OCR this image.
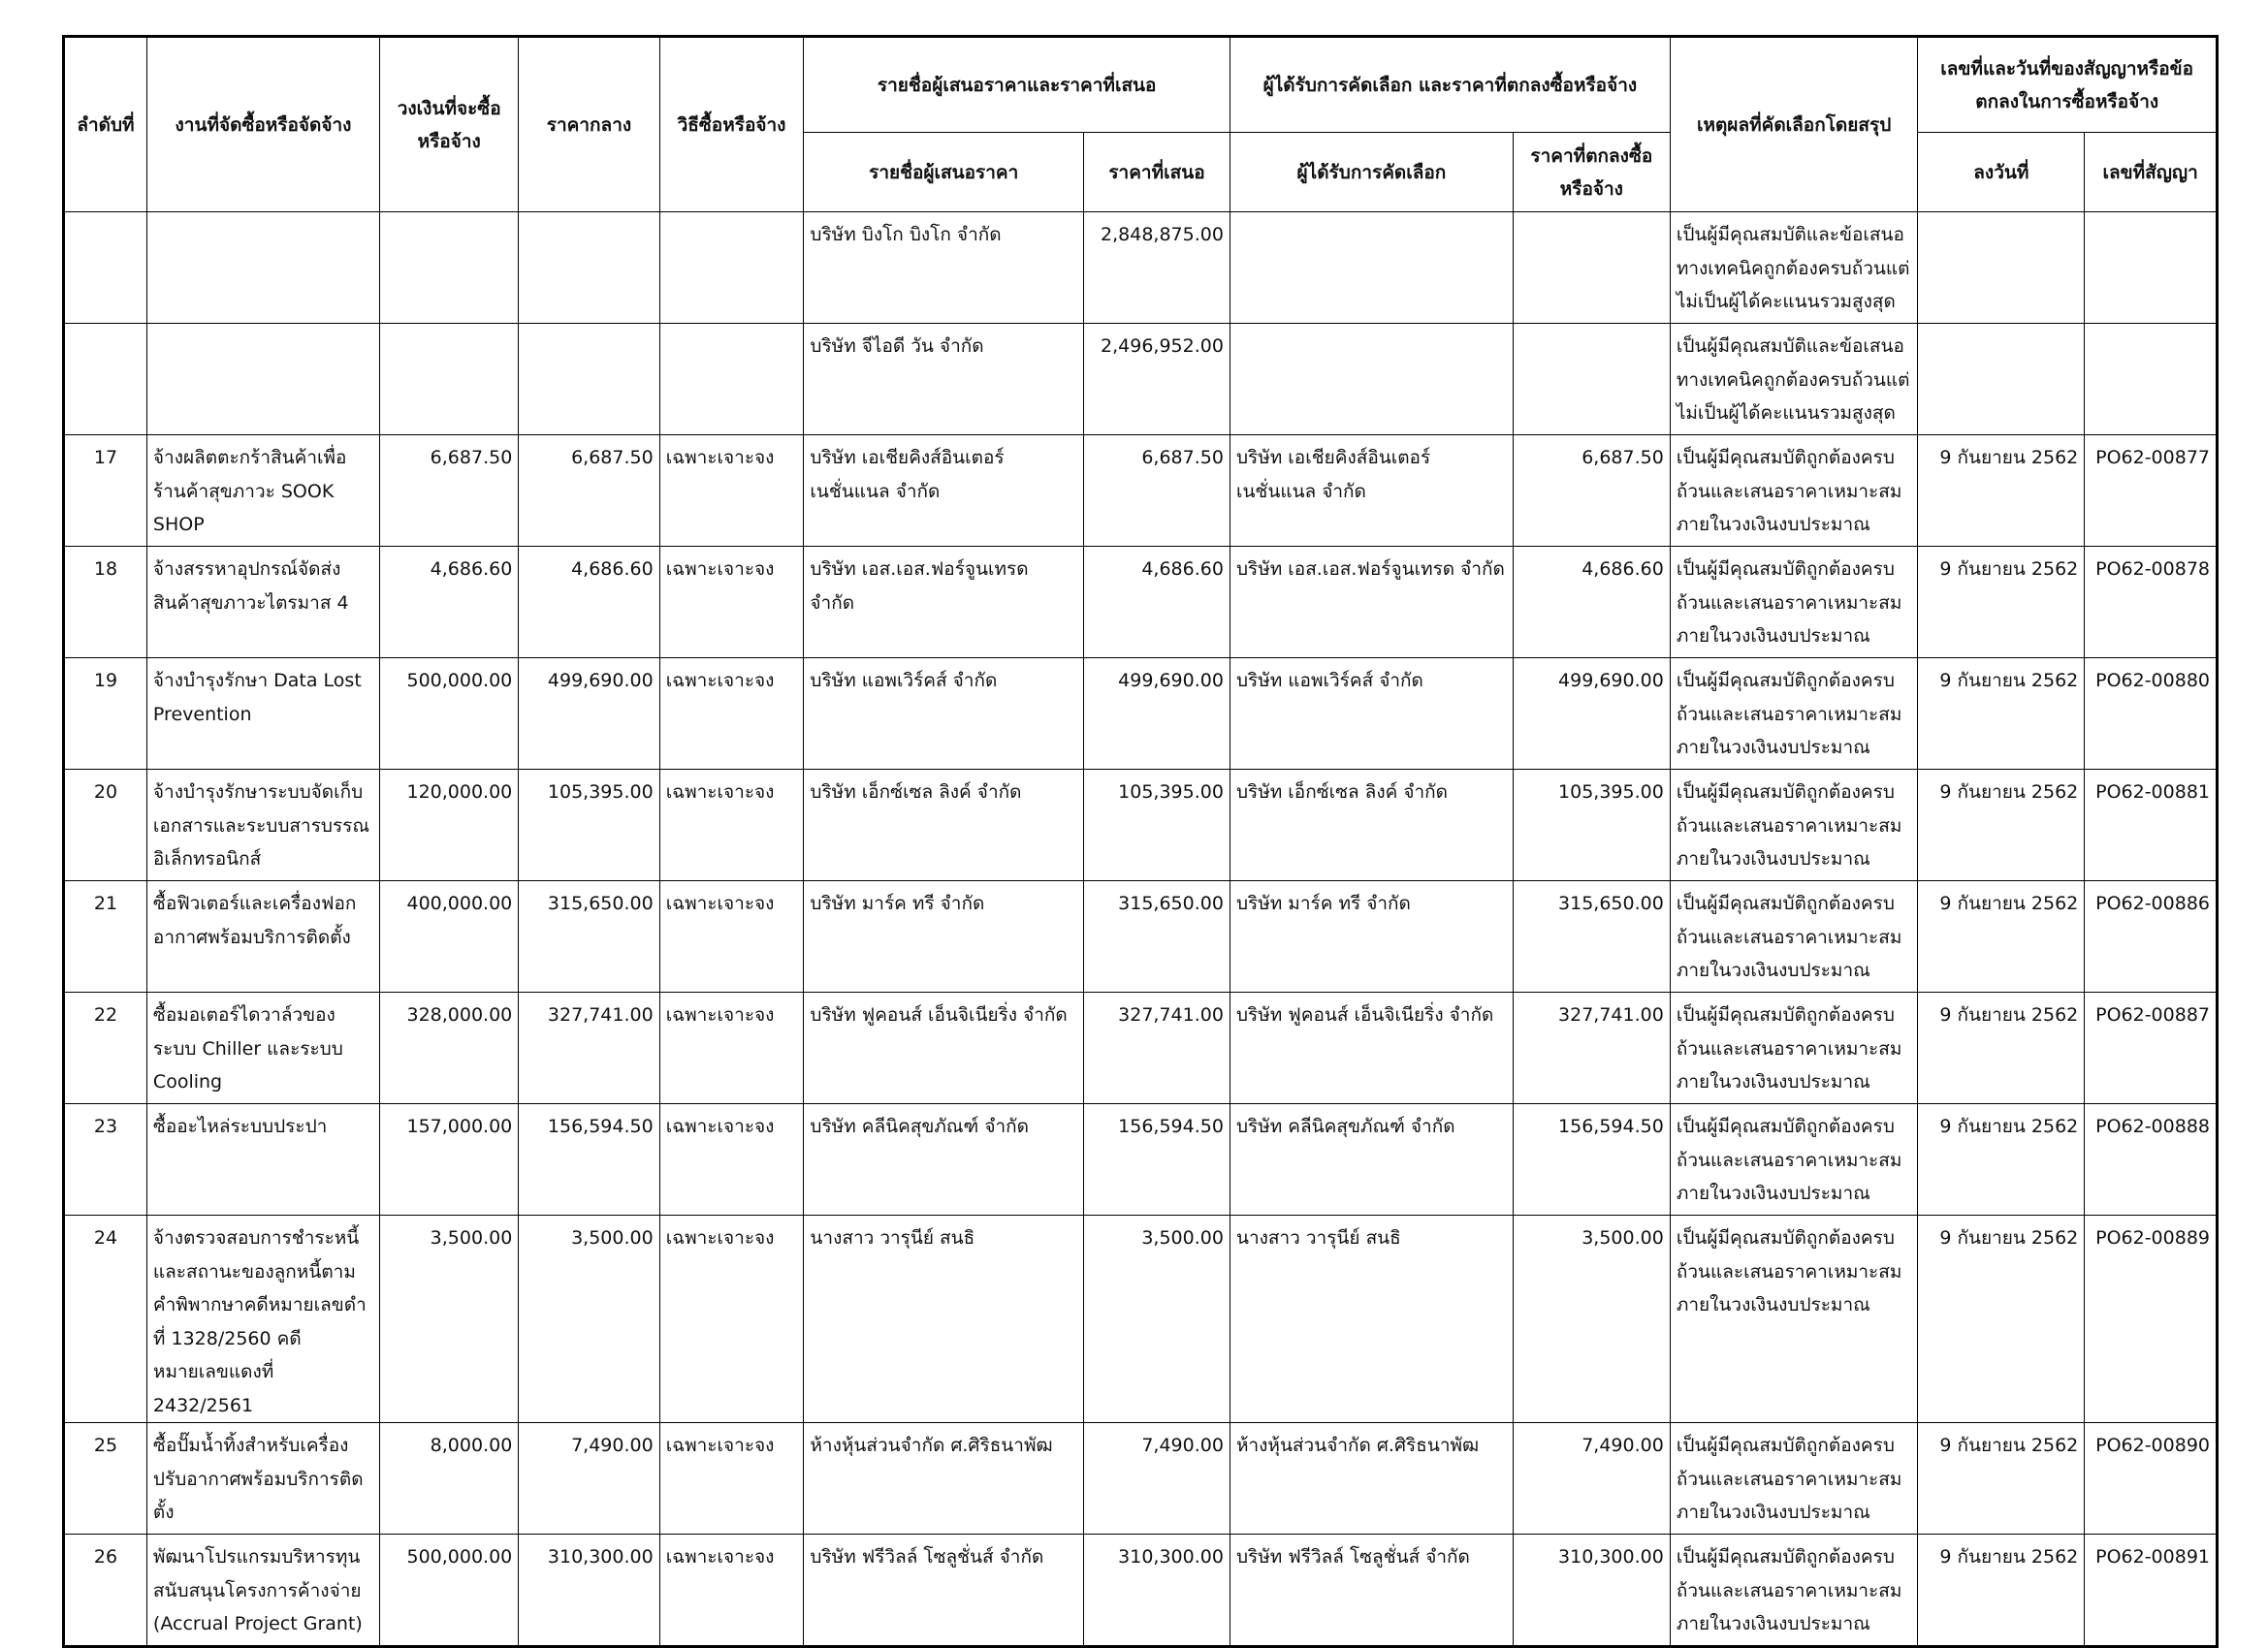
ลำดับที่	งานที่จัดซื้อหรือจัดจ้าง	วงเงินที่จะซื้อหรือจ้าง	ราคากลาง	วิธีซื้อหรือจ้าง	รายชื่อผู้เสนอราคาและราคาที่เสนอ		ผู้ได้รับการคัดเลือก และราคาที่ตกลงซื้อหรือจ้าง		เหตุผลที่คัดเลือกโดยสรุป	เลขที่และวันที่ของสัญญาหรือข้อตกลงในการซื้อหรือจ้าง	
					รายชื่อผู้เสนอราคา	ราคาที่เสนอ	ผู้ได้รับการคัดเลือก	ราคาที่ตกลงซื้อหรือจ้าง		ลงวันที่	เลขที่สัญญา
					บริษัท บิงโก บิงโก จำกัด	2,848,875.00			เป็นผู้มีคุณสมบัติและข้อเสนอทางเทคนิคถูกต้องครบถ้วนแต่ไม่เป็นผู้ได้คะแนนรวมสูงสุด		
					บริษัท จีไอดี วัน จำกัด	2,496,952.00			เป็นผู้มีคุณสมบัติและข้อเสนอทางเทคนิคถูกต้องครบถ้วนแต่ไม่เป็นผู้ได้คะแนนรวมสูงสุด		
17	จ้างผลิตตะกร้าสินค้าเพื่อร้านค้าสุขภาวะ SOOK SHOP	6,687.50	6,687.50	เฉพาะเจาะจง	บริษัท เอเชียคิงส์อินเตอร์เนชั่นแนล จำกัด	6,687.50	บริษัท เอเชียคิงส์อินเตอร์เนชั่นแนล จำกัด	6,687.50	เป็นผู้มีคุณสมบัติถูกต้องครบถ้วนและเสนอราคาเหมาะสมภายในวงเงินงบประมาณ	9 กันยายน 2562	PO62-00877
18	จ้างสรรหาอุปกรณ์จัดส่งสินค้าสุขภาวะไตรมาส 4	4,686.60	4,686.60	เฉพาะเจาะจง	บริษัท เอส.เอส.ฟอร์จูนเทรด จำกัด	4,686.60	บริษัท เอส.เอส.ฟอร์จูนเทรด จำกัด	4,686.60	เป็นผู้มีคุณสมบัติถูกต้องครบถ้วนและเสนอราคาเหมาะสมภายในวงเงินงบประมาณ	9 กันยายน 2562	PO62-00878
19	จ้างบำรุงรักษา Data Lost Prevention	500,000.00	499,690.00	เฉพาะเจาะจง	บริษัท แอพเวิร์คส์ จำกัด	499,690.00	บริษัท แอพเวิร์คส์ จำกัด	499,690.00	เป็นผู้มีคุณสมบัติถูกต้องครบถ้วนและเสนอราคาเหมาะสมภายในวงเงินงบประมาณ	9 กันยายน 2562	PO62-00880
20	จ้างบำรุงรักษาระบบจัดเก็บเอกสารและระบบสารบรรณอิเล็กทรอนิกส์	120,000.00	105,395.00	เฉพาะเจาะจง	บริษัท เอ็กซ์เซล ลิงค์ จำกัด	105,395.00	บริษัท เอ็กซ์เซล ลิงค์ จำกัด	105,395.00	เป็นผู้มีคุณสมบัติถูกต้องครบถ้วนและเสนอราคาเหมาะสมภายในวงเงินงบประมาณ	9 กันยายน 2562	PO62-00881
21	ซื้อฟิวเตอร์และเครื่องฟอกอากาศพร้อมบริการติดตั้ง	400,000.00	315,650.00	เฉพาะเจาะจง	บริษัท มาร์ค ทรี จำกัด	315,650.00	บริษัท มาร์ค ทรี จำกัด	315,650.00	เป็นผู้มีคุณสมบัติถูกต้องครบถ้วนและเสนอราคาเหมาะสมภายในวงเงินงบประมาณ	9 กันยายน 2562	PO62-00886
22	ซื้อมอเตอร์ไดวาล์วของระบบ Chiller และระบบ Cooling	328,000.00	327,741.00	เฉพาะเจาะจง	บริษัท ฟูคอนส์ เอ็นจิเนียริ่ง จำกัด	327,741.00	บริษัท ฟูคอนส์ เอ็นจิเนียริ่ง จำกัด	327,741.00	เป็นผู้มีคุณสมบัติถูกต้องครบถ้วนและเสนอราคาเหมาะสมภายในวงเงินงบประมาณ	9 กันยายน 2562	PO62-00887
23	ซื้ออะไหล่ระบบประปา	157,000.00	156,594.50	เฉพาะเจาะจง	บริษัท คลีนิคสุขภัณฑ์ จำกัด	156,594.50	บริษัท คลีนิคสุขภัณฑ์ จำกัด	156,594.50	เป็นผู้มีคุณสมบัติถูกต้องครบถ้วนและเสนอราคาเหมาะสมภายในวงเงินงบประมาณ	9 กันยายน 2562	PO62-00888
24	จ้างตรวจสอบการชำระหนี้และสถานะของลูกหนี้ตามคำพิพากษาคดีหมายเลขดำที่ 1328/2560 คดีหมายเลขแดงที่ 2432/2561	3,500.00	3,500.00	เฉพาะเจาะจง	นางสาว วารุนีย์ สนธิ	3,500.00	นางสาว วารุนีย์ สนธิ	3,500.00	เป็นผู้มีคุณสมบัติถูกต้องครบถ้วนและเสนอราคาเหมาะสมภายในวงเงินงบประมาณ	9 กันยายน 2562	PO62-00889
25	ซื้อปั๊มน้ำทิ้งสำหรับเครื่องปรับอากาศพร้อมบริการติดตั้ง	8,000.00	7,490.00	เฉพาะเจาะจง	ห้างหุ้นส่วนจำกัด ศ.ศิริธนาพัฒ	7,490.00	ห้างหุ้นส่วนจำกัด ศ.ศิริธนาพัฒ	7,490.00	เป็นผู้มีคุณสมบัติถูกต้องครบถ้วนและเสนอราคาเหมาะสมภายในวงเงินงบประมาณ	9 กันยายน 2562	PO62-00890
26	พัฒนาโปรแกรมบริหารทุนสนับสนุนโครงการค้างจ่าย (Accrual Project Grant)	500,000.00	310,300.00	เฉพาะเจาะจง	บริษัท ฟรีวิลล์ โซลูชั่นส์ จำกัด	310,300.00	บริษัท ฟรีวิลล์ โซลูชั่นส์ จำกัด	310,300.00	เป็นผู้มีคุณสมบัติถูกต้องครบถ้วนและเสนอราคาเหมาะสมภายในวงเงินงบประมาณ	9 กันยายน 2562	PO62-00891
